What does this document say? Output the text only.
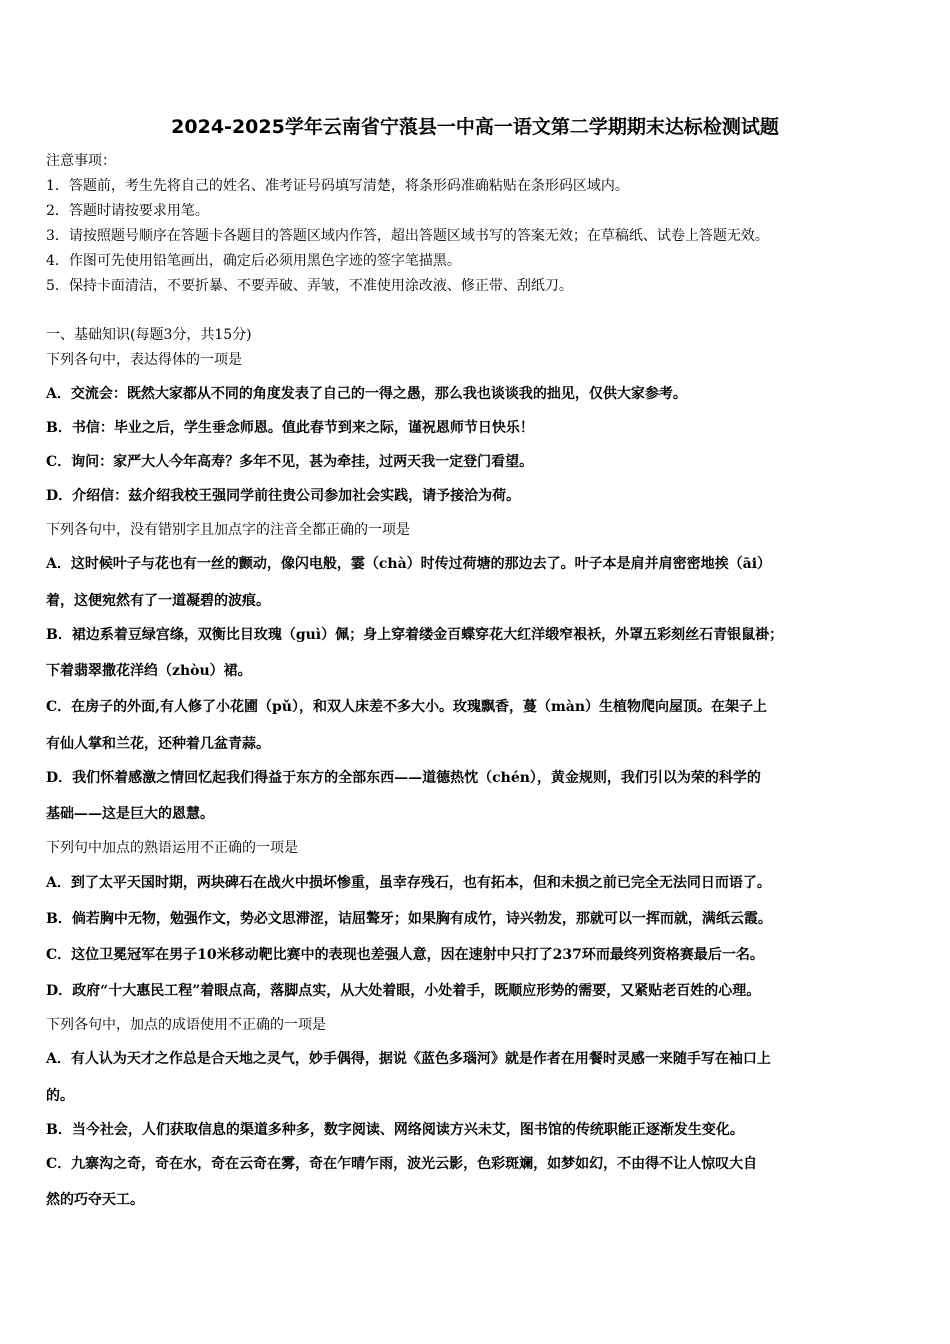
2024-2025学年云南省宁蒗县一中高一语文第二学期期末达标检测试题
注意事项：
1．答题前，考生先将自己的姓名、准考证号码填写清楚，将条形码准确粘贴在条形码区域内。
2．答题时请按要求用笔。
3．请按照题号顺序在答题卡各题目的答题区域内作答，超出答题区域书写的答案无效；在草稿纸、试卷上答题无效。
4．作图可先使用铅笔画出，确定后必须用黑色字迹的签字笔描黑。
5．保持卡面清洁，不要折暴、不要弄破、弄皱，不准使用涂改液、修正带、刮纸刀。
一、基础知识(每题3分，共15分)
下列各句中，表达得体的一项是
A．交流会：既然大家都从不同的角度发表了自己的一得之愚，那么我也谈谈我的拙见，仅供大家参考。
B．书信：毕业之后，学生垂念师恩。值此春节到来之际，谨祝恩师节日快乐！
C．询问：家严大人今年高寿？多年不见，甚为牵挂，过两天我一定登门看望。
D．介绍信：兹介绍我校王强同学前往贵公司参加社会实践，请予接洽为荷。
下列各句中，没有错别字且加点字的注音全都正确的一项是
A．这时候叶子与花也有一丝的颤动，像闪电般，霎（chà）时传过荷塘的那边去了。叶子本是肩并肩密密地挨（āi）
着，这便宛然有了一道凝碧的波痕。
B．裙边系着豆绿宫绦，双衡比目玫瑰（guì）佩；身上穿着缕金百蝶穿花大红洋缎窄裉袄，外罩五彩刻丝石青银鼠褂；
下着翡翠撒花洋绉（zhòu）裙。
C．在房子的外面,有人修了小花圃（pǔ），和双人床差不多大小。玫瑰飘香，蔓（màn）生植物爬向屋顶。在架子上
有仙人掌和兰花，还种着几盆青蒜。
D．我们怀着感激之情回忆起我们得益于东方的全部东西——道德热忱（chén），黄金规则，我们引以为荣的科学的
基础——这是巨大的恩慧。
下列句中加点的熟语运用不正确的一项是
A．到了太平天国时期，两块碑石在战火中损坏惨重，虽幸存残石，也有拓本，但和未损之前已完全无法同日而语了。
B．倘若胸中无物，勉强作文，势必文思滞涩，诘屈聱牙；如果胸有成竹，诗兴勃发，那就可以一挥而就，满纸云霞。
C．这位卫冕冠军在男子10米移动靶比赛中的表现也差强人意，因在速射中只打了237环而最终列资格赛最后一名。
D．政府“十大惠民工程”着眼点高，落脚点实，从大处着眼，小处着手，既顺应形势的需要，又紧贴老百姓的心理。
下列各句中，加点的成语使用不正确的一项是
A．有人认为天才之作总是合天地之灵气，妙手偶得，据说《蓝色多瑙河》就是作者在用餐时灵感一来随手写在袖口上
的。
B．当今社会，人们获取信息的渠道多种多，数字阅读、网络阅读方兴未艾，图书馆的传统职能正逐渐发生变化。
C．九寨沟之奇，奇在水，奇在云奇在雾，奇在乍晴乍雨，波光云影，色彩斑斓，如梦如幻，不由得不让人惊叹大自
然的巧夺天工。
